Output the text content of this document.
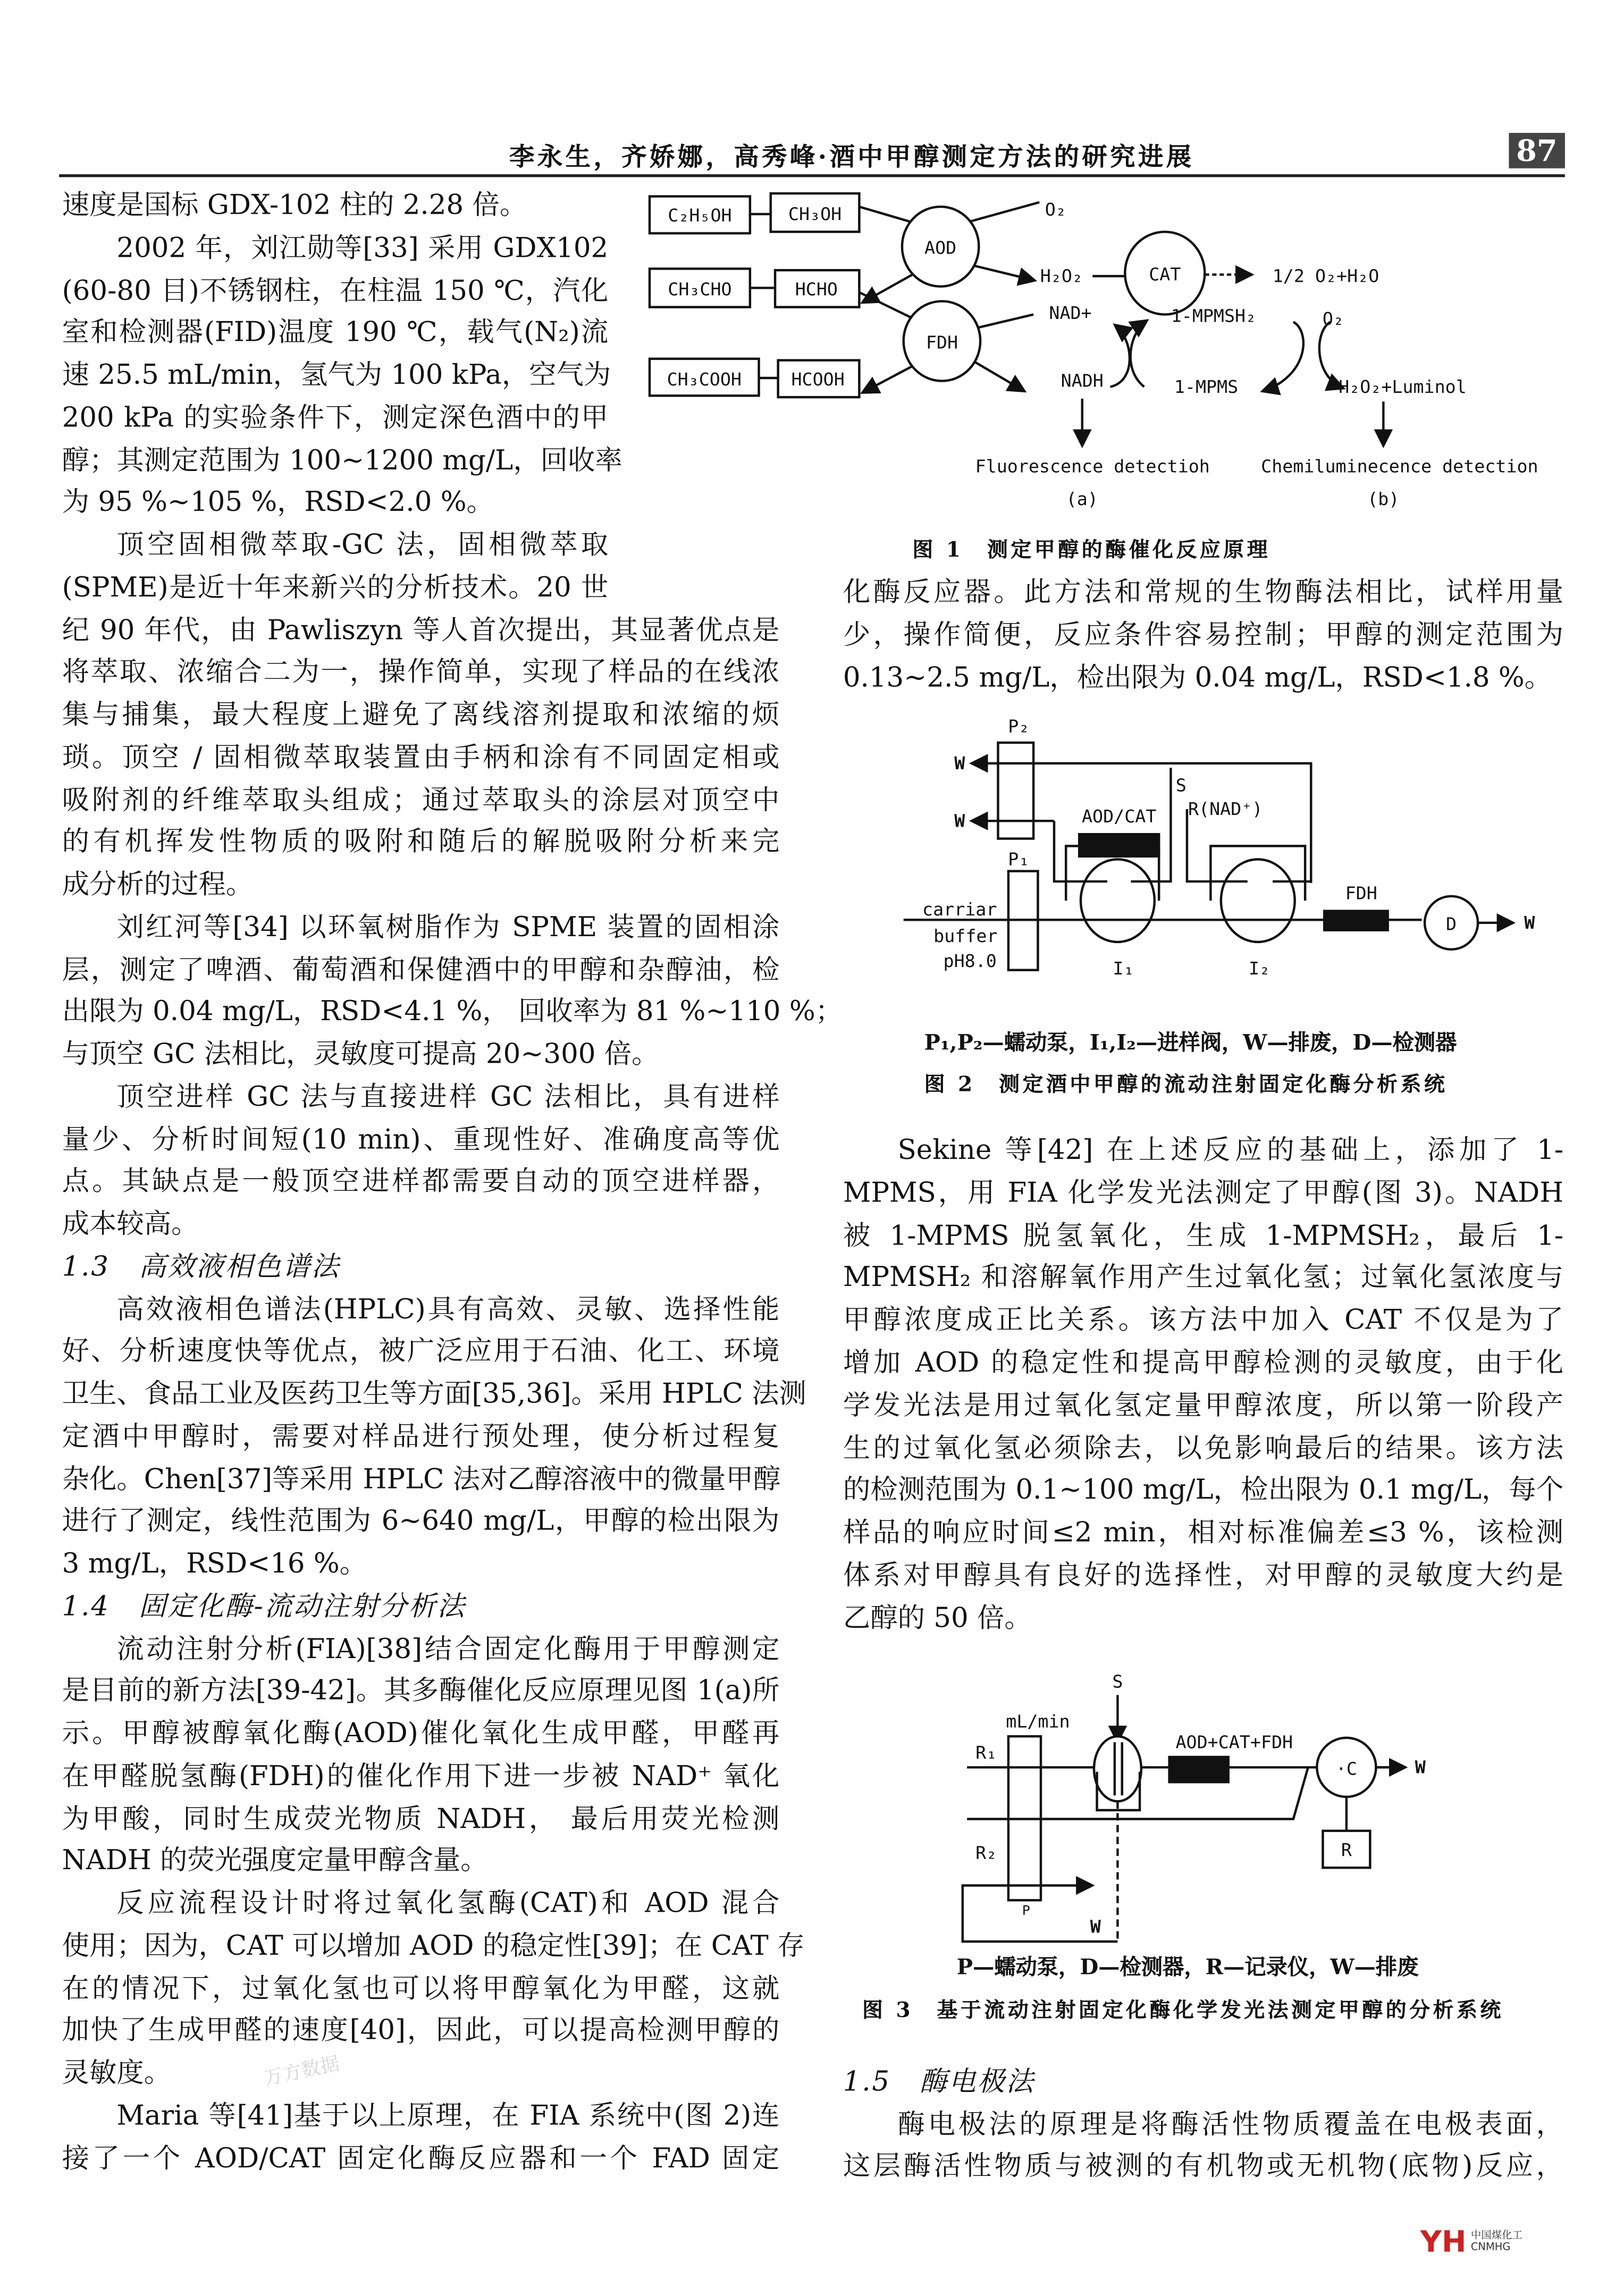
李永生，齐娇娜，高秀峰·酒中甲醇测定方法的研究进展	87
速度是国标 GDX-102 柱的 2.28 倍。
2002 年，刘江勋等[33] 采用 GDX102
(60-80 目)不锈钢柱，在柱温 150 ℃，汽化
室和检测器(FID)温度 190 ℃，载气(N₂)流
速 25.5 mL/min，氢气为 100 kPa，空气为
200 kPa 的实验条件下，测定深色酒中的甲
醇；其测定范围为 100~1200 mg/L，回收率
为 95 %~105 %，RSD<2.0 %。
顶空固相微萃取-GC 法，固相微萃取
(SPME)是近十年来新兴的分析技术。20 世
纪 90 年代，由 Pawliszyn 等人首次提出，其显著优点是
将萃取、浓缩合二为一，操作简单，实现了样品的在线浓
集与捕集，最大程度上避免了离线溶剂提取和浓缩的烦
琐。顶空 / 固相微萃取装置由手柄和涂有不同固定相或
吸附剂的纤维萃取头组成；通过萃取头的涂层对顶空中
的有机挥发性物质的吸附和随后的解脱吸附分析来完
成分析的过程。
刘红河等[34] 以环氧树脂作为 SPME 装置的固相涂
层，测定了啤酒、葡萄酒和保健酒中的甲醇和杂醇油，检
出限为 0.04 mg/L，RSD<4.1 %， 回收率为 81 %~110 %；
与顶空 GC 法相比，灵敏度可提高 20~300 倍。
顶空进样 GC 法与直接进样 GC 法相比，具有进样
量少、分析时间短(10 min)、重现性好、准确度高等优
点。其缺点是一般顶空进样都需要自动的顶空进样器，
成本较高。
1.3　高效液相色谱法
高效液相色谱法(HPLC)具有高效、灵敏、选择性能
好、分析速度快等优点，被广泛应用于石油、化工、环境
卫生、食品工业及医药卫生等方面[35,36]。采用 HPLC 法测
定酒中甲醇时，需要对样品进行预处理，使分析过程复
杂化。Chen[37]等采用 HPLC 法对乙醇溶液中的微量甲醇
进行了测定，线性范围为 6~640 mg/L，甲醇的检出限为
3 mg/L，RSD<16 %。
1.4　固定化酶-流动注射分析法
流动注射分析(FIA)[38]结合固定化酶用于甲醇测定
是目前的新方法[39-42]。其多酶催化反应原理见图 1(a)所
示。甲醇被醇氧化酶(AOD)催化氧化生成甲醛，甲醛再
在甲醛脱氢酶(FDH)的催化作用下进一步被 NAD⁺ 氧化
为甲酸，同时生成荧光物质 NADH， 最后用荧光检测
NADH 的荧光强度定量甲醇含量。
反应流程设计时将过氧化氢酶(CAT)和 AOD 混合
使用；因为，CAT 可以增加 AOD 的稳定性[39]；在 CAT 存
在的情况下，过氧化氢也可以将甲醇氧化为甲醛，这就
加快了生成甲醛的速度[40]，因此，可以提高检测甲醇的
灵敏度。
Maria 等[41]基于以上原理，在 FIA 系统中(图 2)连
接了一个 AOD/CAT 固定化酶反应器和一个 FAD 固定
化酶反应器。此方法和常规的生物酶法相比，试样用量
少，操作简便，反应条件容易控制；甲醇的测定范围为
0.13~2.5 mg/L，检出限为 0.04 mg/L，RSD<1.8 %。
Sekine 等[42] 在上述反应的基础上，添加了 1-
MPMS，用 FIA 化学发光法测定了甲醇(图 3)。NADH
被 1-MPMS 脱氢氧化，生成 1-MPMSH₂，最后 1-
MPMSH₂ 和溶解氧作用产生过氧化氢；过氧化氢浓度与
甲醇浓度成正比关系。该方法中加入 CAT 不仅是为了
增加 AOD 的稳定性和提高甲醇检测的灵敏度，由于化
学发光法是用过氧化氢定量甲醇浓度，所以第一阶段产
生的过氧化氢必须除去，以免影响最后的结果。该方法
的检测范围为 0.1~100 mg/L，检出限为 0.1 mg/L，每个
样品的响应时间≤2 min，相对标准偏差≤3 %，该检测
体系对甲醇具有良好的选择性，对甲醇的灵敏度大约是
乙醇的 50 倍。
1.5　酶电极法
酶电极法的原理是将酶活性物质覆盖在电极表面，
这层酶活性物质与被测的有机物或无机物(底物)反应，
C₂H₅OH	CH₃OH
CH₃CHO	HCHO
CH₃COOH	HCOOH
AOD
FDH
CAT
O₂
H₂O₂	1/2 O₂+H₂O
NAD+	1-MPMSH₂	O₂
NADH	1-MPMS	H₂O₂+Luminol
Fluorescence detectioh	Chemiluminecence detection
(a)	(b)
P₂
P₁
W
W
S
R(NAD⁺)
AOD/CAT
carriar
buffer
pH8.0
FDH
D	W
I₁	I₂
S
mL/min
R₁
R₂
AOD+CAT+FDH
·C	W
R
W
P
图 1　测定甲醇的酶催化反应原理
P₁,P₂—蠕动泵，I₁,I₂—进样阀，W—排废，D—检测器
图 2　测定酒中甲醇的流动注射固定化酶分析系统
P—蠕动泵，D—检测器，R—记录仪，W—排废
图 3　基于流动注射固定化酶化学发光法测定甲醇的分析系统
万方数据
YH 中国煤化工
CNMHG
